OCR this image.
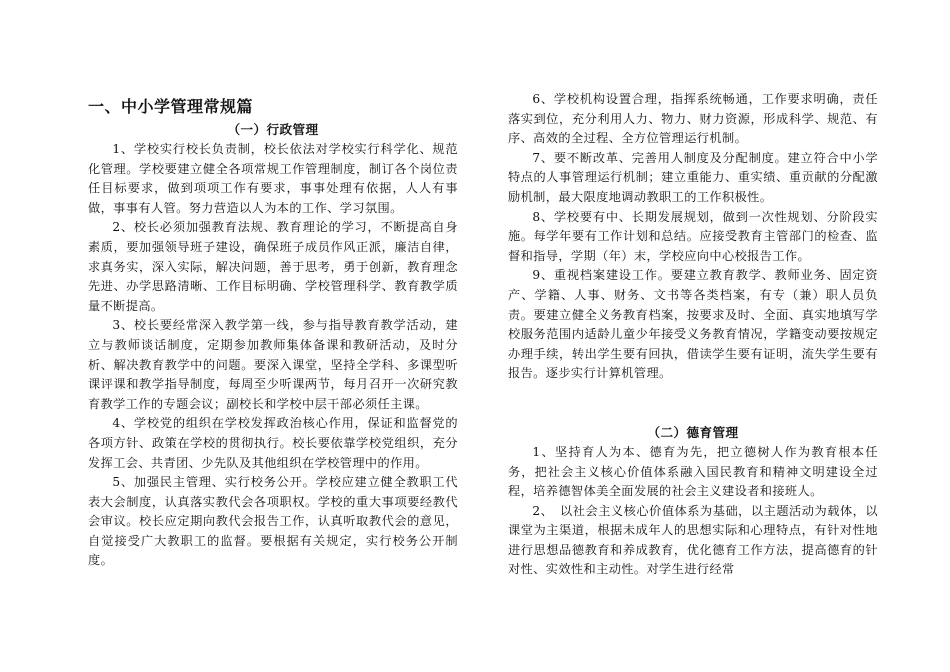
一、中小学管理常规篇
（一）行政管理

1、学校实行校长负责制，校长依法对学校实行科学化、规范化管理。学校要建立健全各项常规工作管理制度，制订各个岗位责任目标要求，做到项项工作有要求，事事处理有依据，人人有事做，事事有人管。努力营造以人为本的工作、学习氛围。

2、校长必须加强教育法规、教育理论的学习，不断提高自身素质，要加强领导班子建设，确保班子成员作风正派，廉洁自律，求真务实，深入实际，解决问题，善于思考，勇于创新，教育理念先进、办学思路清晰、工作目标明确、学校管理科学、教育教学质量不断提高。

3、校长要经常深入教学第一线，参与指导教育教学活动，建立与教师谈话制度，定期参加教师集体备课和教研活动，及时分析、解决教育教学中的问题。要深入课堂，坚持全学科、多课型听课评课和教学指导制度，每周至少听课两节，每月召开一次研究教育教学工作的专题会议；副校长和学校中层干部必须任主课。

4、学校党的组织在学校发挥政治核心作用，保证和监督党的各项方针、政策在学校的贯彻执行。校长要依靠学校党组织，充分发挥工会、共青团、少先队及其他组织在学校管理中的作用。

5、加强民主管理、实行校务公开。学校应建立健全教职工代表大会制度，认真落实教代会各项职权。学校的重大事项要经教代会审议。校长应定期向教代会报告工作，认真听取教代会的意见，自觉接受广大教职工的监督。要根据有关规定，实行校务公开制度。

6、学校机构设置合理，指挥系统畅通，工作要求明确，责任落实到位，充分利用人力、物力、财力资源，形成科学、规范、有序、高效的全过程、全方位管理运行机制。

7、要不断改革、完善用人制度及分配制度。建立符合中小学特点的人事管理运行机制；建立重能力、重实绩、重贡献的分配激励机制，最大限度地调动教职工的工作积极性。

8、学校要有中、长期发展规划，做到一次性规划、分阶段实施。每学年要有工作计划和总结。应接受教育主管部门的检查、监督和指导，学期（年）末，学校应向中心校报告工作。

9、重视档案建设工作。要建立教育教学、教师业务、固定资产、学籍、人事、财务、文书等各类档案，有专（兼）职人员负责。要建立健全义务教育档案，按要求及时、全面、真实地填写学校服务范围内适龄儿童少年接受义务教育情况，学籍变动要按规定办理手续，转出学生要有回执，借读学生要有证明，流失学生要有报告。逐步实行计算机管理。

（二）德育管理

1、坚持育人为本、德育为先，把立德树人作为教育根本任务，把社会主义核心价值体系融入国民教育和精神文明建设全过程，培养德智体美全面发展的社会主义建设者和接班人。

2、　以社会主义核心价值体系为基础，以主题活动为载体，以课堂为主渠道，根据未成年人的思想实际和心理特点，有针对性地进行思想品德教育和养成教育，优化德育工作方法，提高德育的针对性、实效性和主动性。对学生进行经常
